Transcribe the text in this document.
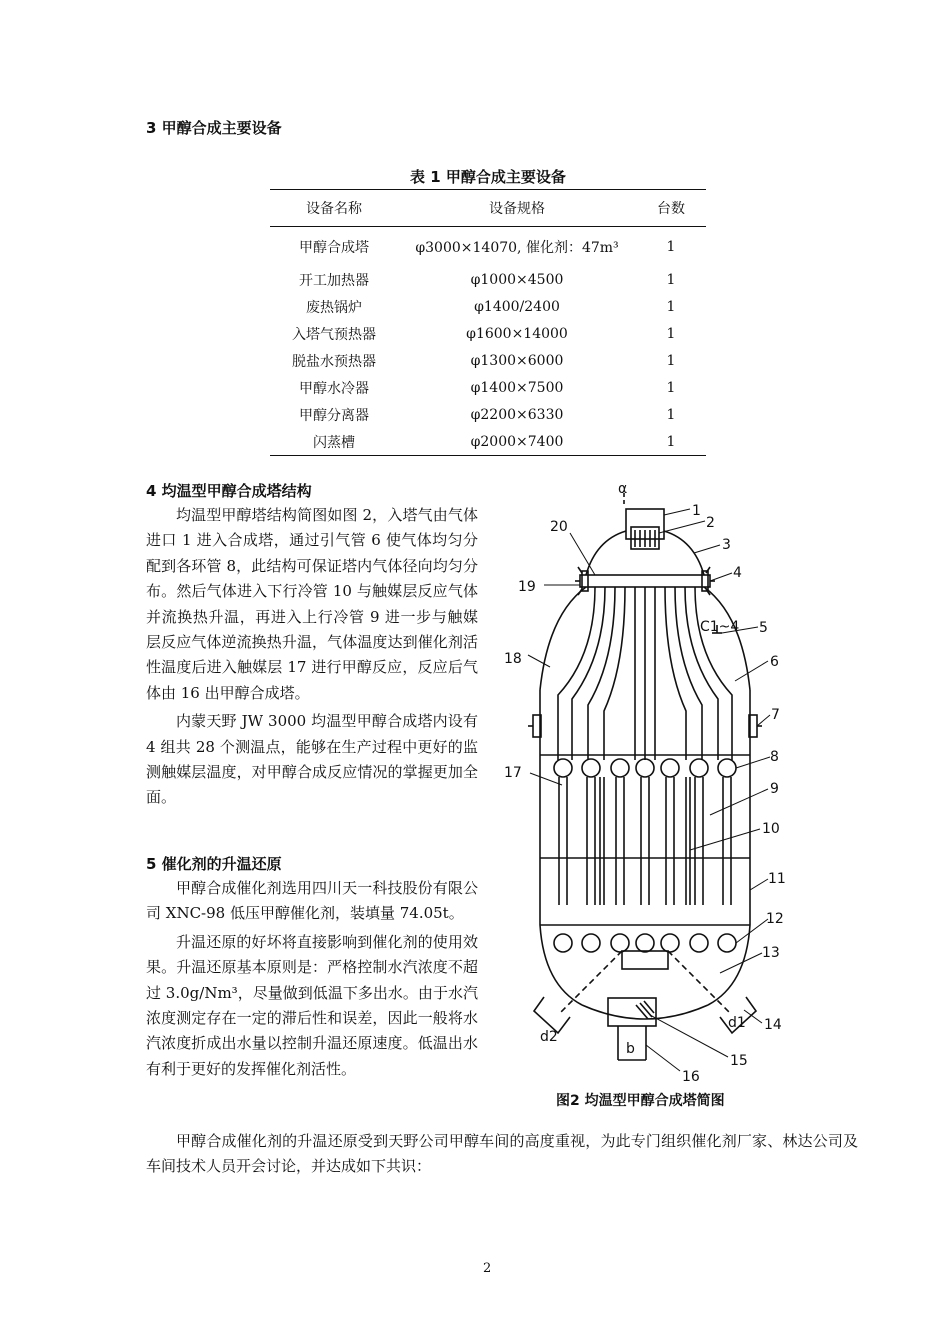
3 甲醇合成主要设备
表 1 甲醇合成主要设备
设备名称	设备规格	台数
甲醇合成塔	φ3000×14070, 催化剂：47m³	1
开工加热器	φ1000×4500	1
废热锅炉	φ1400/2400	1
入塔气预热器	φ1600×14000	1
脱盐水预热器	φ1300×6000	1
甲醇水冷器	φ1400×7500	1
甲醇分离器	φ2200×6330	1
闪蒸槽	φ2000×7400	1
4 均温型甲醇合成塔结构

均温型甲醇塔结构简图如图 2，入塔气由气体进口 1 进入合成塔，通过引气管 6 使气体均匀分配到各环管 8，此结构可保证塔内气体径向均匀分布。然后气体进入下行冷管 10 与触媒层反应气体并流换热升温，再进入上行冷管 9 进一步与触媒层反应气体逆流换热升温，气体温度达到催化剂活性温度后进入触媒层 17 进行甲醇反应，反应后气体由 16 出甲醇合成塔。

内蒙天野 JW 3000 均温型甲醇合成塔内设有 4 组共 28 个测温点，能够在生产过程中更好的监测触媒层温度，对甲醇合成反应情况的掌握更加全面。

5 催化剂的升温还原

甲醇合成催化剂选用四川天一科技股份有限公司 XNC-98 低压甲醇催化剂，装填量 74.05t。

升温还原的好坏将直接影响到催化剂的使用效果。升温还原基本原则是：严格控制水汽浓度不超过 3.0g/Nm³，尽量做到低温下多出水。由于水汽浓度测定存在一定的滞后性和误差，因此一般将水汽浓度折成出水量以控制升温还原速度。低温出水有利于更好的发挥催化剂活性。

甲醇合成催化剂的升温还原受到天野公司甲醇车间的高度重视，为此专门组织催化剂厂家、林达公司及车间技术人员开会讨论，并达成如下共识：

α
1
2
3
4
C1~4 5
6
7
8
9
10
11
12
13
14
15
16
17
18
19
20
d1
d2
b
图2 均温型甲醇合成塔简图
2
